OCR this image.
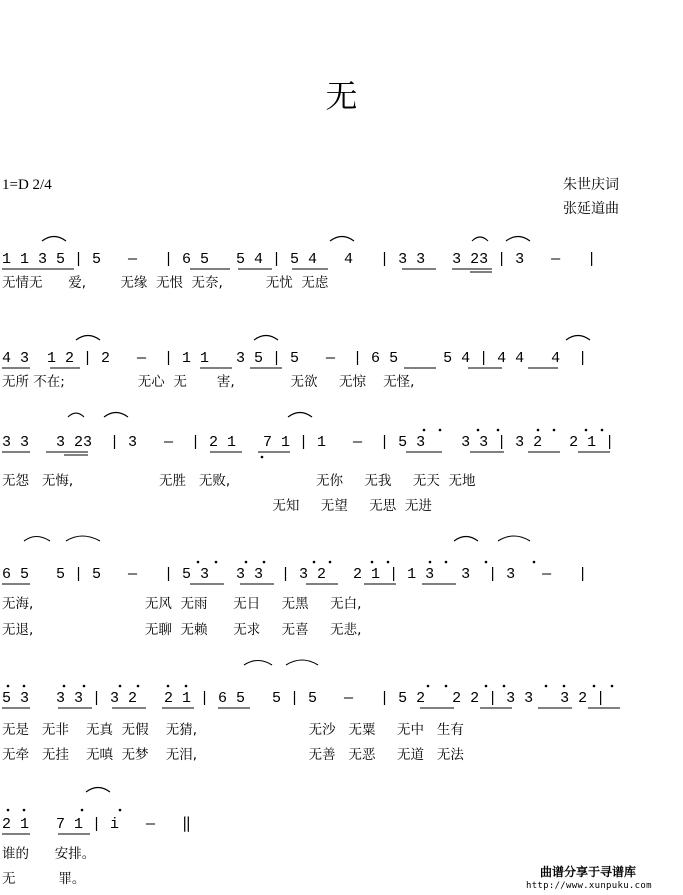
无
1=D 2/4	朱世庆词
张延道曲
1 1 3 5 | 5   —   | 6 5   5 4 | 5 4   4   | 3 3   3 23 | 3   —   |
无情无      爱,        无缘  无恨  无奈,          无忧  无虑
4 3  1 2 | 2   —  | 1 1   3 5 | 5   —  | 6 5     5 4 | 4 4   4  |
无所 不在;                 无心  无       害,             无欲     无惊    无怪,
3 3   3 23  | 3   —  | 2 1   7 1 | 1   —  | 5 3    3 3 | 3 2   2 1 |
无怨   无悔,                    无胜   无败,                    无你     无我     无天  无地
无知     无望     无思  无进
6 5   5 | 5   —   | 5 3   3 3  | 3 2   2 1 | 1 3   3  | 3   —   |
无海,                          无风  无雨      无日     无黑     无白,
无退,                          无聊  无赖      无求     无喜     无悲,
5 3   3 3 | 3 2   2 1 | 6 5   5 | 5   —   | 5 2   2 2 | 3 3   3 2 |
无是   无非    无真  无假    无猜,                          无沙   无粟     无中   生有
无牵   无挂    无嗔  无梦    无泪,                          无善   无恶     无道   无法
2 1   7 1 | i   —   ‖
谁的      安排。
无          罪。	曲谱分享于寻谱库
http://www.xunpuku.com
